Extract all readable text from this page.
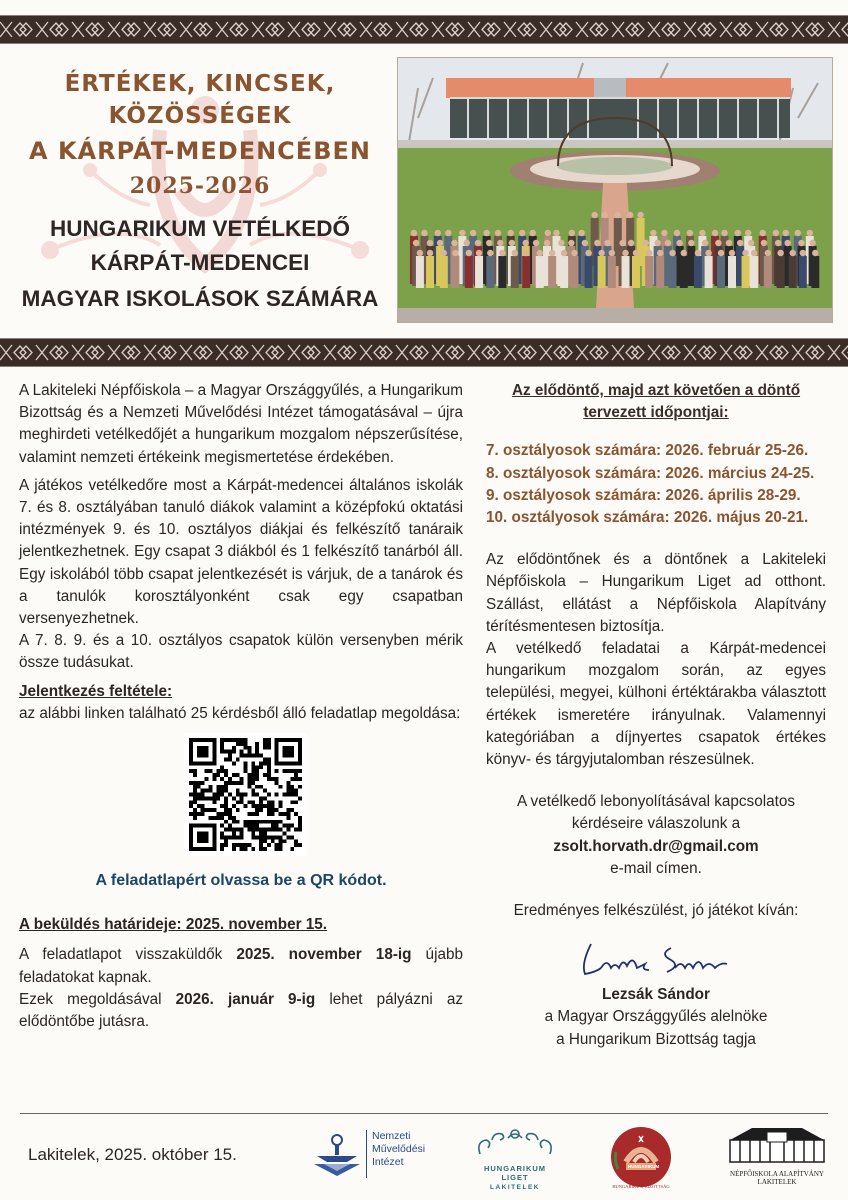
ÉRTÉKEK, KINCSEK,
KÖZÖSSÉGEK
A KÁRPÁT-MEDENCÉBEN
2025-2026
HUNGARIKUM VETÉLKEDŐ
KÁRPÁT-MEDENCEI
MAGYAR ISKOLÁSOK SZÁMÁRA

A Lakiteleki Népfőiskola – a Magyar Országgyűlés, a Hungarikum Bizottság és a Nemzeti Művelődési Intézet támogatásával – újra meghirdeti vetélkedőjét a hungarikum mozgalom népszerűsítése, valamint nemzeti értékeink megismertetése érdekében.

A játékos vetélkedőre most a Kárpát-medencei általános iskolák 7. és 8. osztályában tanuló diákok valamint a középfokú oktatási intézmények 9. és 10. osztályos diákjai és felkészítő tanáraik jelentkezhetnek. Egy csapat 3 diákból és 1 felkészítő tanárból áll. Egy iskolából több csapat jelentkezését is várjuk, de a tanárok és a tanulók korosztályonként csak egy csapatban versenyezhetnek.

A 7. 8. 9. és a 10. osztályos csapatok külön versenyben mérik össze tudásukat.

Jelentkezés feltétele:

az alábbi linken található 25 kérdésből álló feladatlap megoldása:

A feladatlapért olvassa be a QR kódot.

A beküldés határideje: 2025. november 15.

A feladatlapot visszaküldők 2025. november 18-ig újabb feladatokat kapnak.

Ezek megoldásával 2026. január 9-ig lehet pályázni az elődöntőbe jutásra.

Az elődöntő, majd azt követően a döntő tervezett időpontjai:

7. osztályosok számára: 2026. február 25-26.

8. osztályosok számára: 2026. március 24-25.

9. osztályosok számára: 2026. április 28-29.

10. osztályosok számára: 2026. május 20-21.

Az elődöntőnek és a döntőnek a Lakiteleki Népfőiskola – Hungarikum Liget ad otthont. Szállást, ellátást a Népfőiskola Alapítvány térítésmentesen biztosítja.

A vetélkedő feladatai a Kárpát-medencei hungarikum mozgalom során, az egyes települési, megyei, külhoni értéktárakba választott értékek ismeretére irányulnak. Valamennyi kategóriában a díjnyertes csapatok értékes könyv- és tárgyjutalomban részesülnek.

A vetélkedő lebonyolításával kapcsolatos

kérdéseire válaszolunk a

zsolt.horvath.dr@gmail.com

e-mail címen.

Eredményes felkészülést, jó játékot kíván:

Lezsák Sándor

a Magyar Országgyűlés alelnöke

a Hungarikum Bizottság tagja

Lakitelek, 2025. október 15.
Nemzeti
Művelődési
Intézet
HUNGARIKUM LIGET
LAKITELEK
HUNGARIKUM
HUNGARIKUM BIZOTTSÁG
NÉPFŐISKOLA ALAPÍTVÁNY
LAKITELEK
